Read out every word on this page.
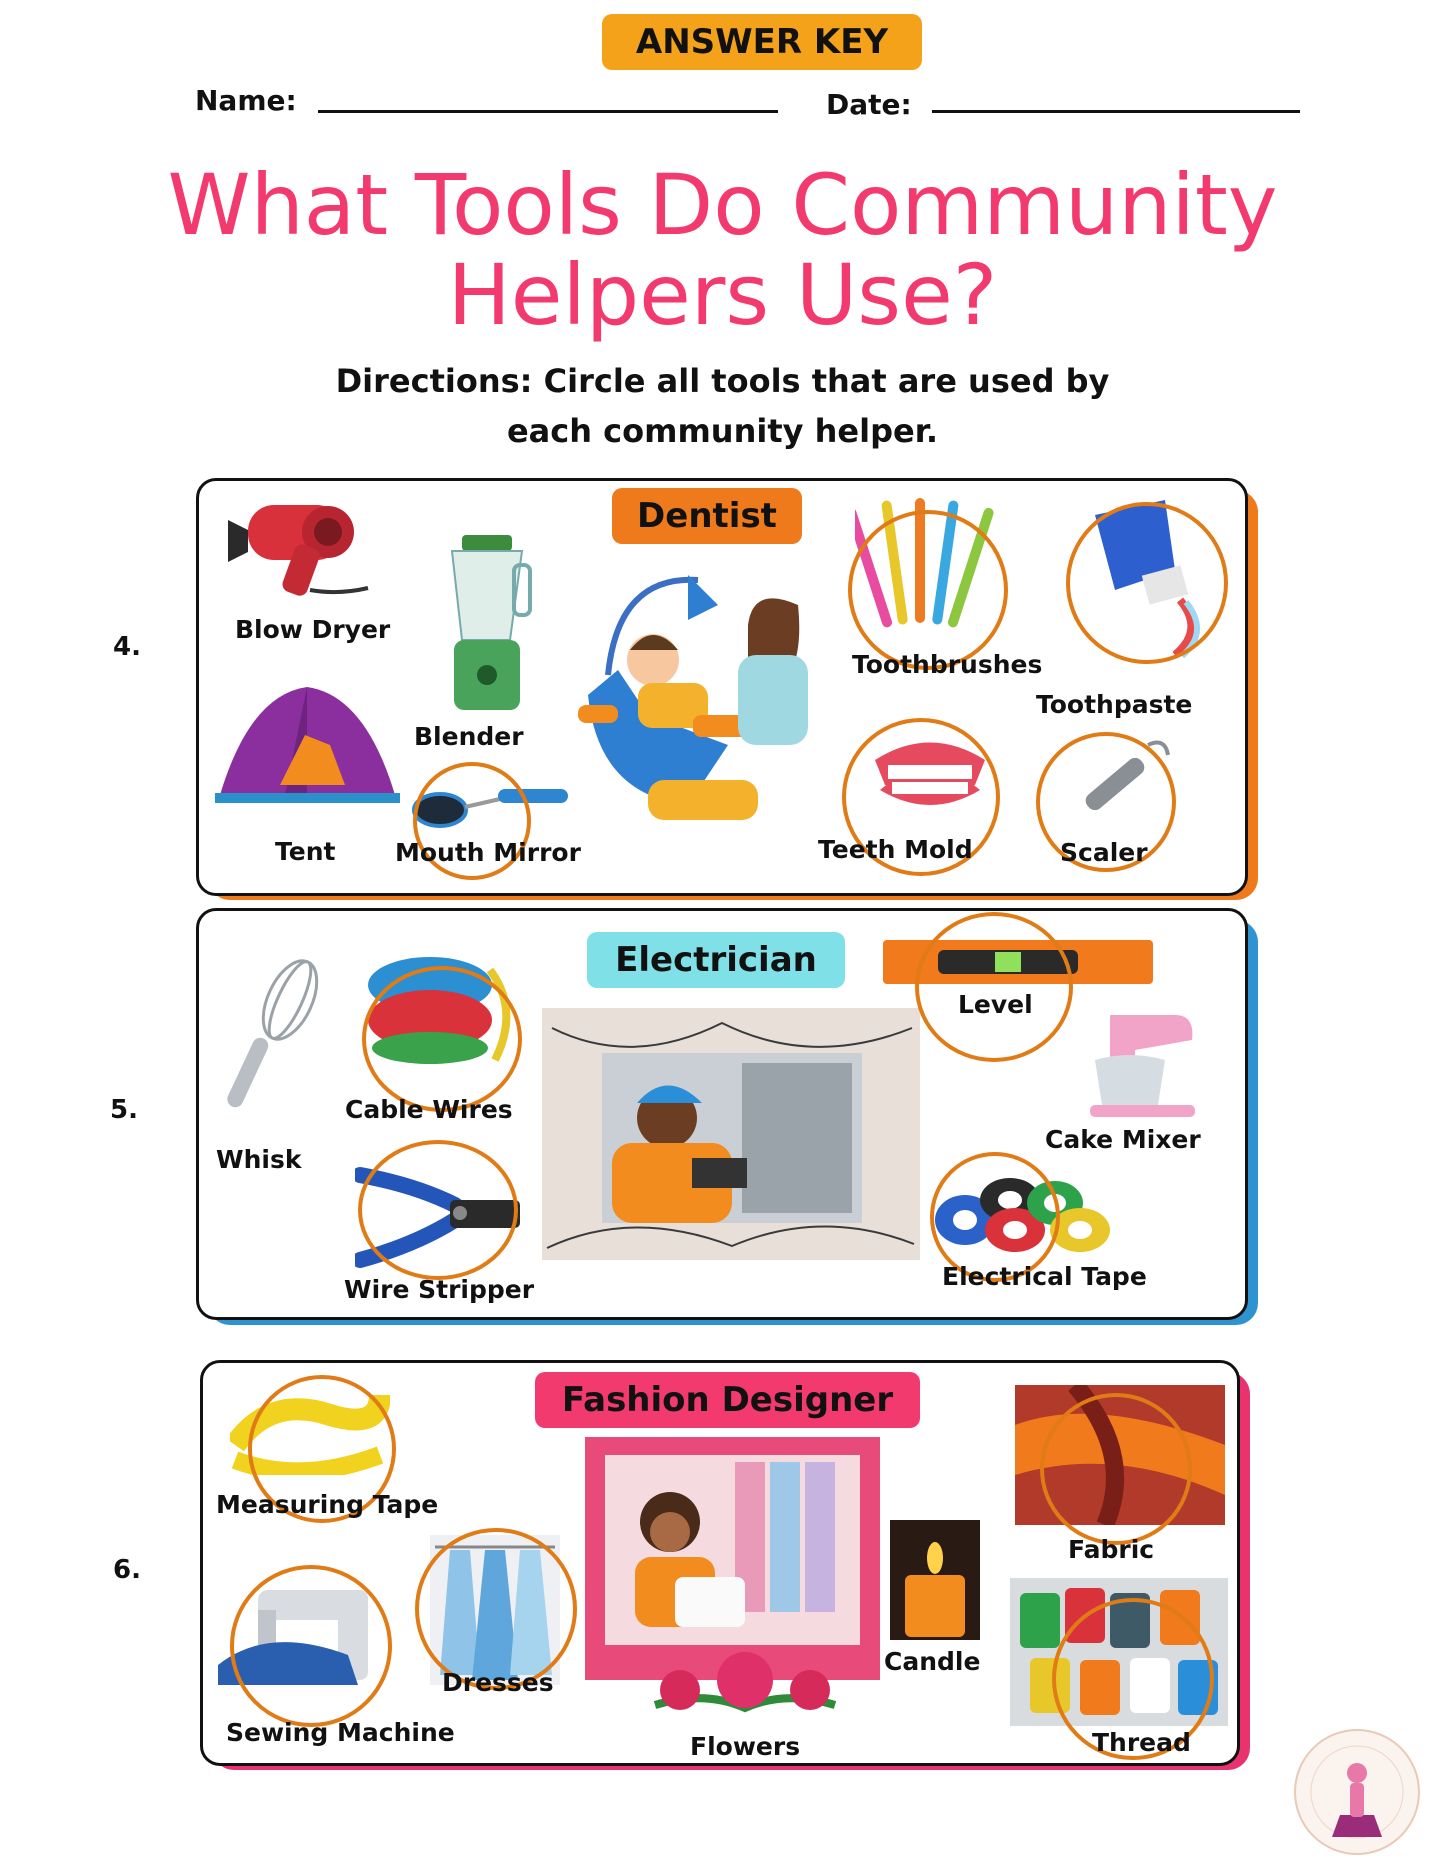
ANSWER KEY
Name:	Date:
What Tools Do Community
Helpers Use?
Directions: Circle all tools that are used by
each community helper.
4.
Dentist
Blow Dryer
Blender
Tent Mouth Mirror
Toothbrushes
Toothpaste
Teeth Mold	Scaler
5.
Electrician
Whisk
Cable Wires
Wire Stripper
Level
Cake Mixer
Electrical Tape
6.
Fashion Designer
Measuring Tape
Sewing Machine
Dresses
Candle
Flowers
Fabric
Thread
